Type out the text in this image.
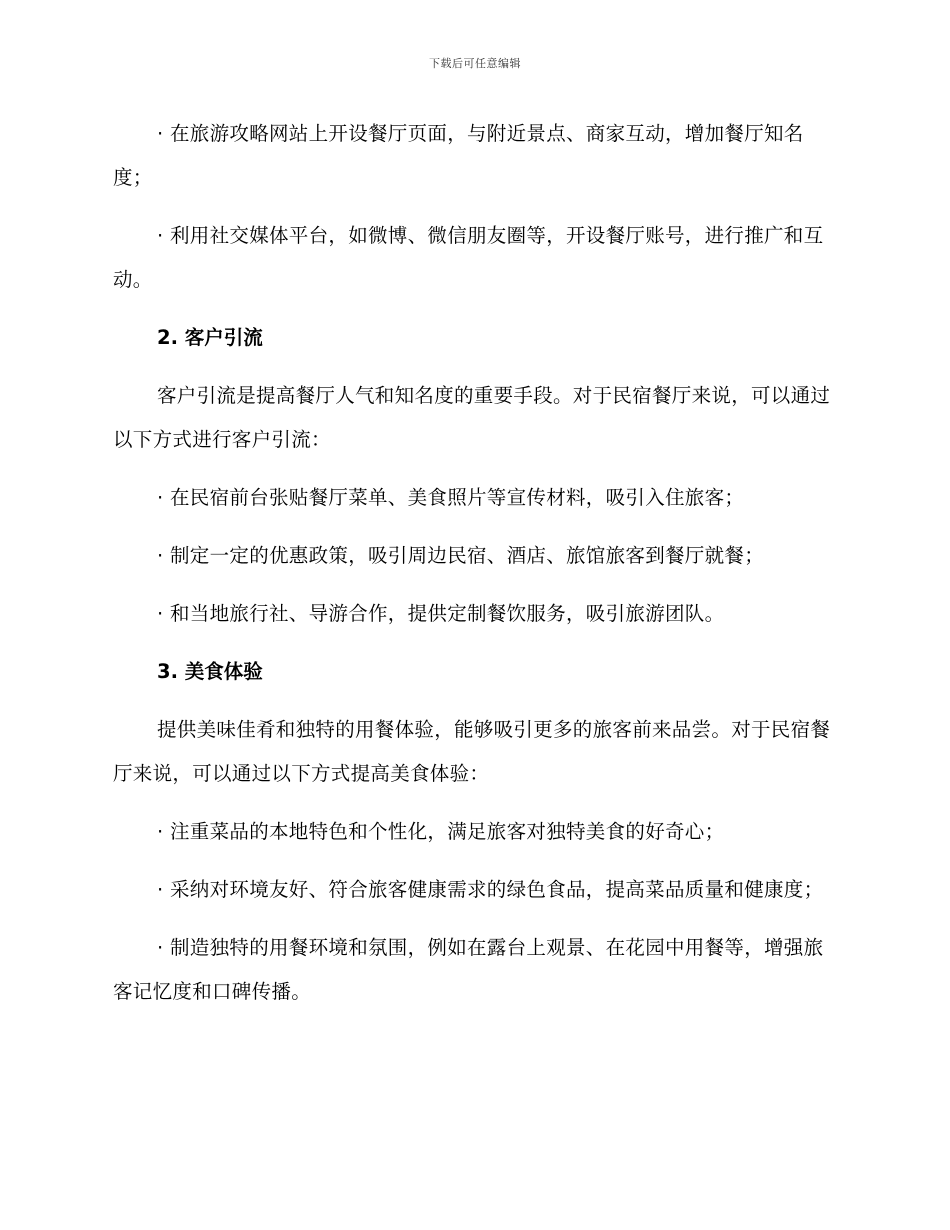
下载后可任意编辑

· 在旅游攻略网站上开设餐厅页面，与附近景点、商家互动，增加餐厅知名度；

· 利用社交媒体平台，如微博、微信朋友圈等，开设餐厅账号，进行推广和互动。

2. 客户引流

客户引流是提高餐厅人气和知名度的重要手段。对于民宿餐厅来说，可以通过以下方式进行客户引流：

· 在民宿前台张贴餐厅菜单、美食照片等宣传材料，吸引入住旅客；

· 制定一定的优惠政策，吸引周边民宿、酒店、旅馆旅客到餐厅就餐；

· 和当地旅行社、导游合作，提供定制餐饮服务，吸引旅游团队。

3. 美食体验

提供美味佳肴和独特的用餐体验，能够吸引更多的旅客前来品尝。对于民宿餐厅来说，可以通过以下方式提高美食体验：

· 注重菜品的本地特色和个性化，满足旅客对独特美食的好奇心；

· 采纳对环境友好、符合旅客健康需求的绿色食品，提高菜品质量和健康度；

· 制造独特的用餐环境和氛围，例如在露台上观景、在花园中用餐等，增强旅客记忆度和口碑传播。
